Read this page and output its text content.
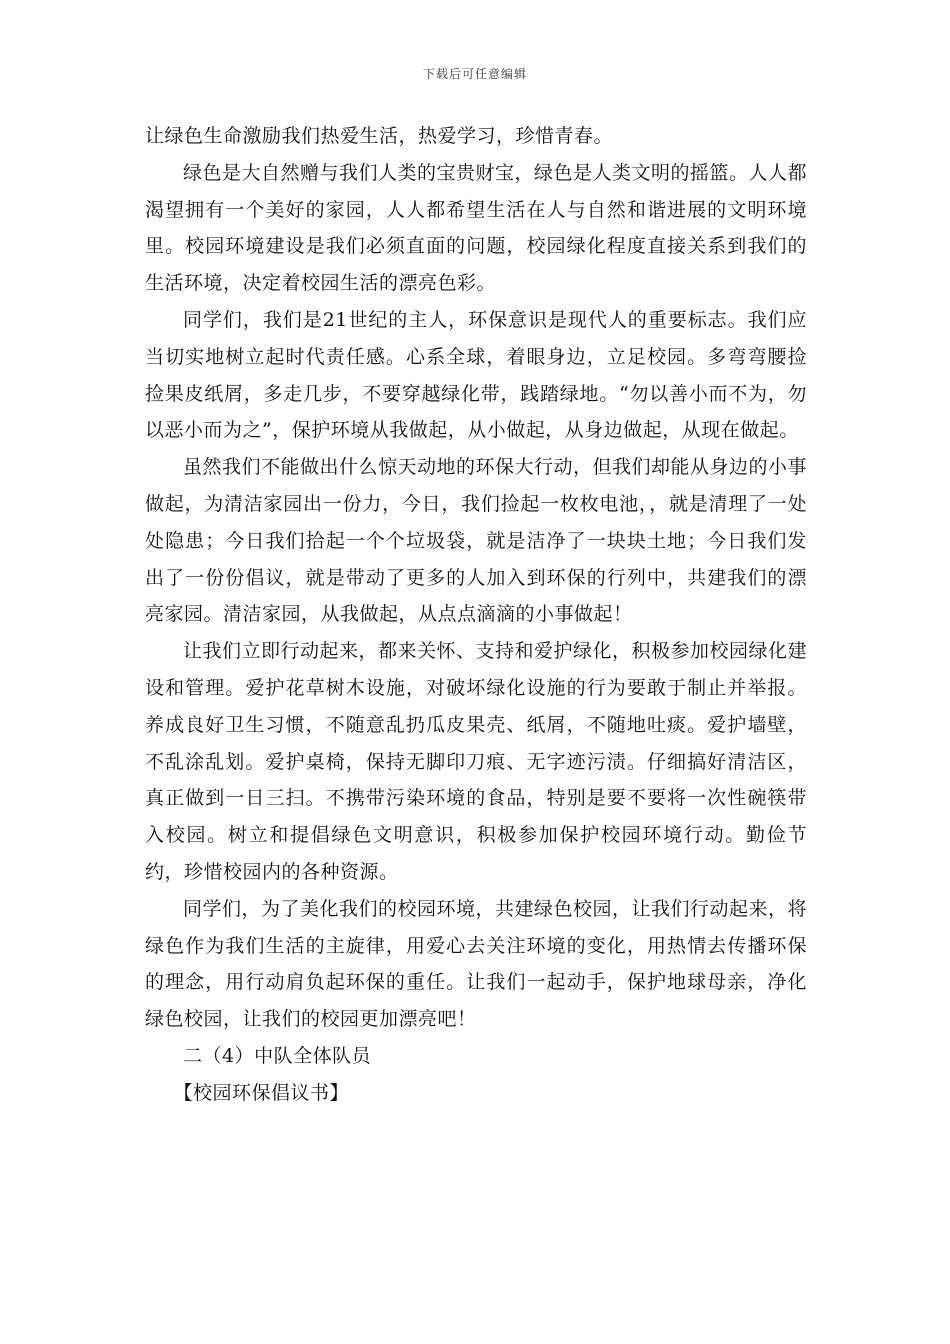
下载后可任意编辑

让绿色生命激励我们热爱生活，热爱学习，珍惜青春。

绿色是大自然赠与我们人类的宝贵财宝，绿色是人类文明的摇篮。人人都渴望拥有一个美好的家园，人人都希望生活在人与自然和谐进展的文明环境里。校园环境建设是我们必须直面的问题，校园绿化程度直接关系到我们的生活环境，决定着校园生活的漂亮色彩。

同学们，我们是21世纪的主人，环保意识是现代人的重要标志。我们应当切实地树立起时代责任感。心系全球，着眼身边，立足校园。多弯弯腰捡捡果皮纸屑，多走几步，不要穿越绿化带，践踏绿地。“勿以善小而不为，勿以恶小而为之”，保护环境从我做起，从小做起，从身边做起，从现在做起。

虽然我们不能做出什么惊天动地的环保大行动，但我们却能从身边的小事做起，为清洁家园出一份力，今日，我们捡起一枚枚电池，，就是清理了一处处隐患；今日我们拾起一个个垃圾袋，就是洁净了一块块土地；今日我们发出了一份份倡议，就是带动了更多的人加入到环保的行列中，共建我们的漂亮家园。清洁家园，从我做起，从点点滴滴的小事做起！

让我们立即行动起来，都来关怀、支持和爱护绿化，积极参加校园绿化建设和管理。爱护花草树木设施，对破坏绿化设施的行为要敢于制止并举报。养成良好卫生习惯，不随意乱扔瓜皮果壳、纸屑，不随地吐痰。爱护墙壁，不乱涂乱划。爱护桌椅，保持无脚印刀痕、无字迹污渍。仔细搞好清洁区，真正做到一日三扫。不携带污染环境的食品，特别是要不要将一次性碗筷带入校园。树立和提倡绿色文明意识，积极参加保护校园环境行动。勤俭节约，珍惜校园内的各种资源。

同学们，为了美化我们的校园环境，共建绿色校园，让我们行动起来，将绿色作为我们生活的主旋律，用爱心去关注环境的变化，用热情去传播环保的理念，用行动肩负起环保的重任。让我们一起动手，保护地球母亲，净化绿色校园，让我们的校园更加漂亮吧！

二（4）中队全体队员

【校园环保倡议书】
